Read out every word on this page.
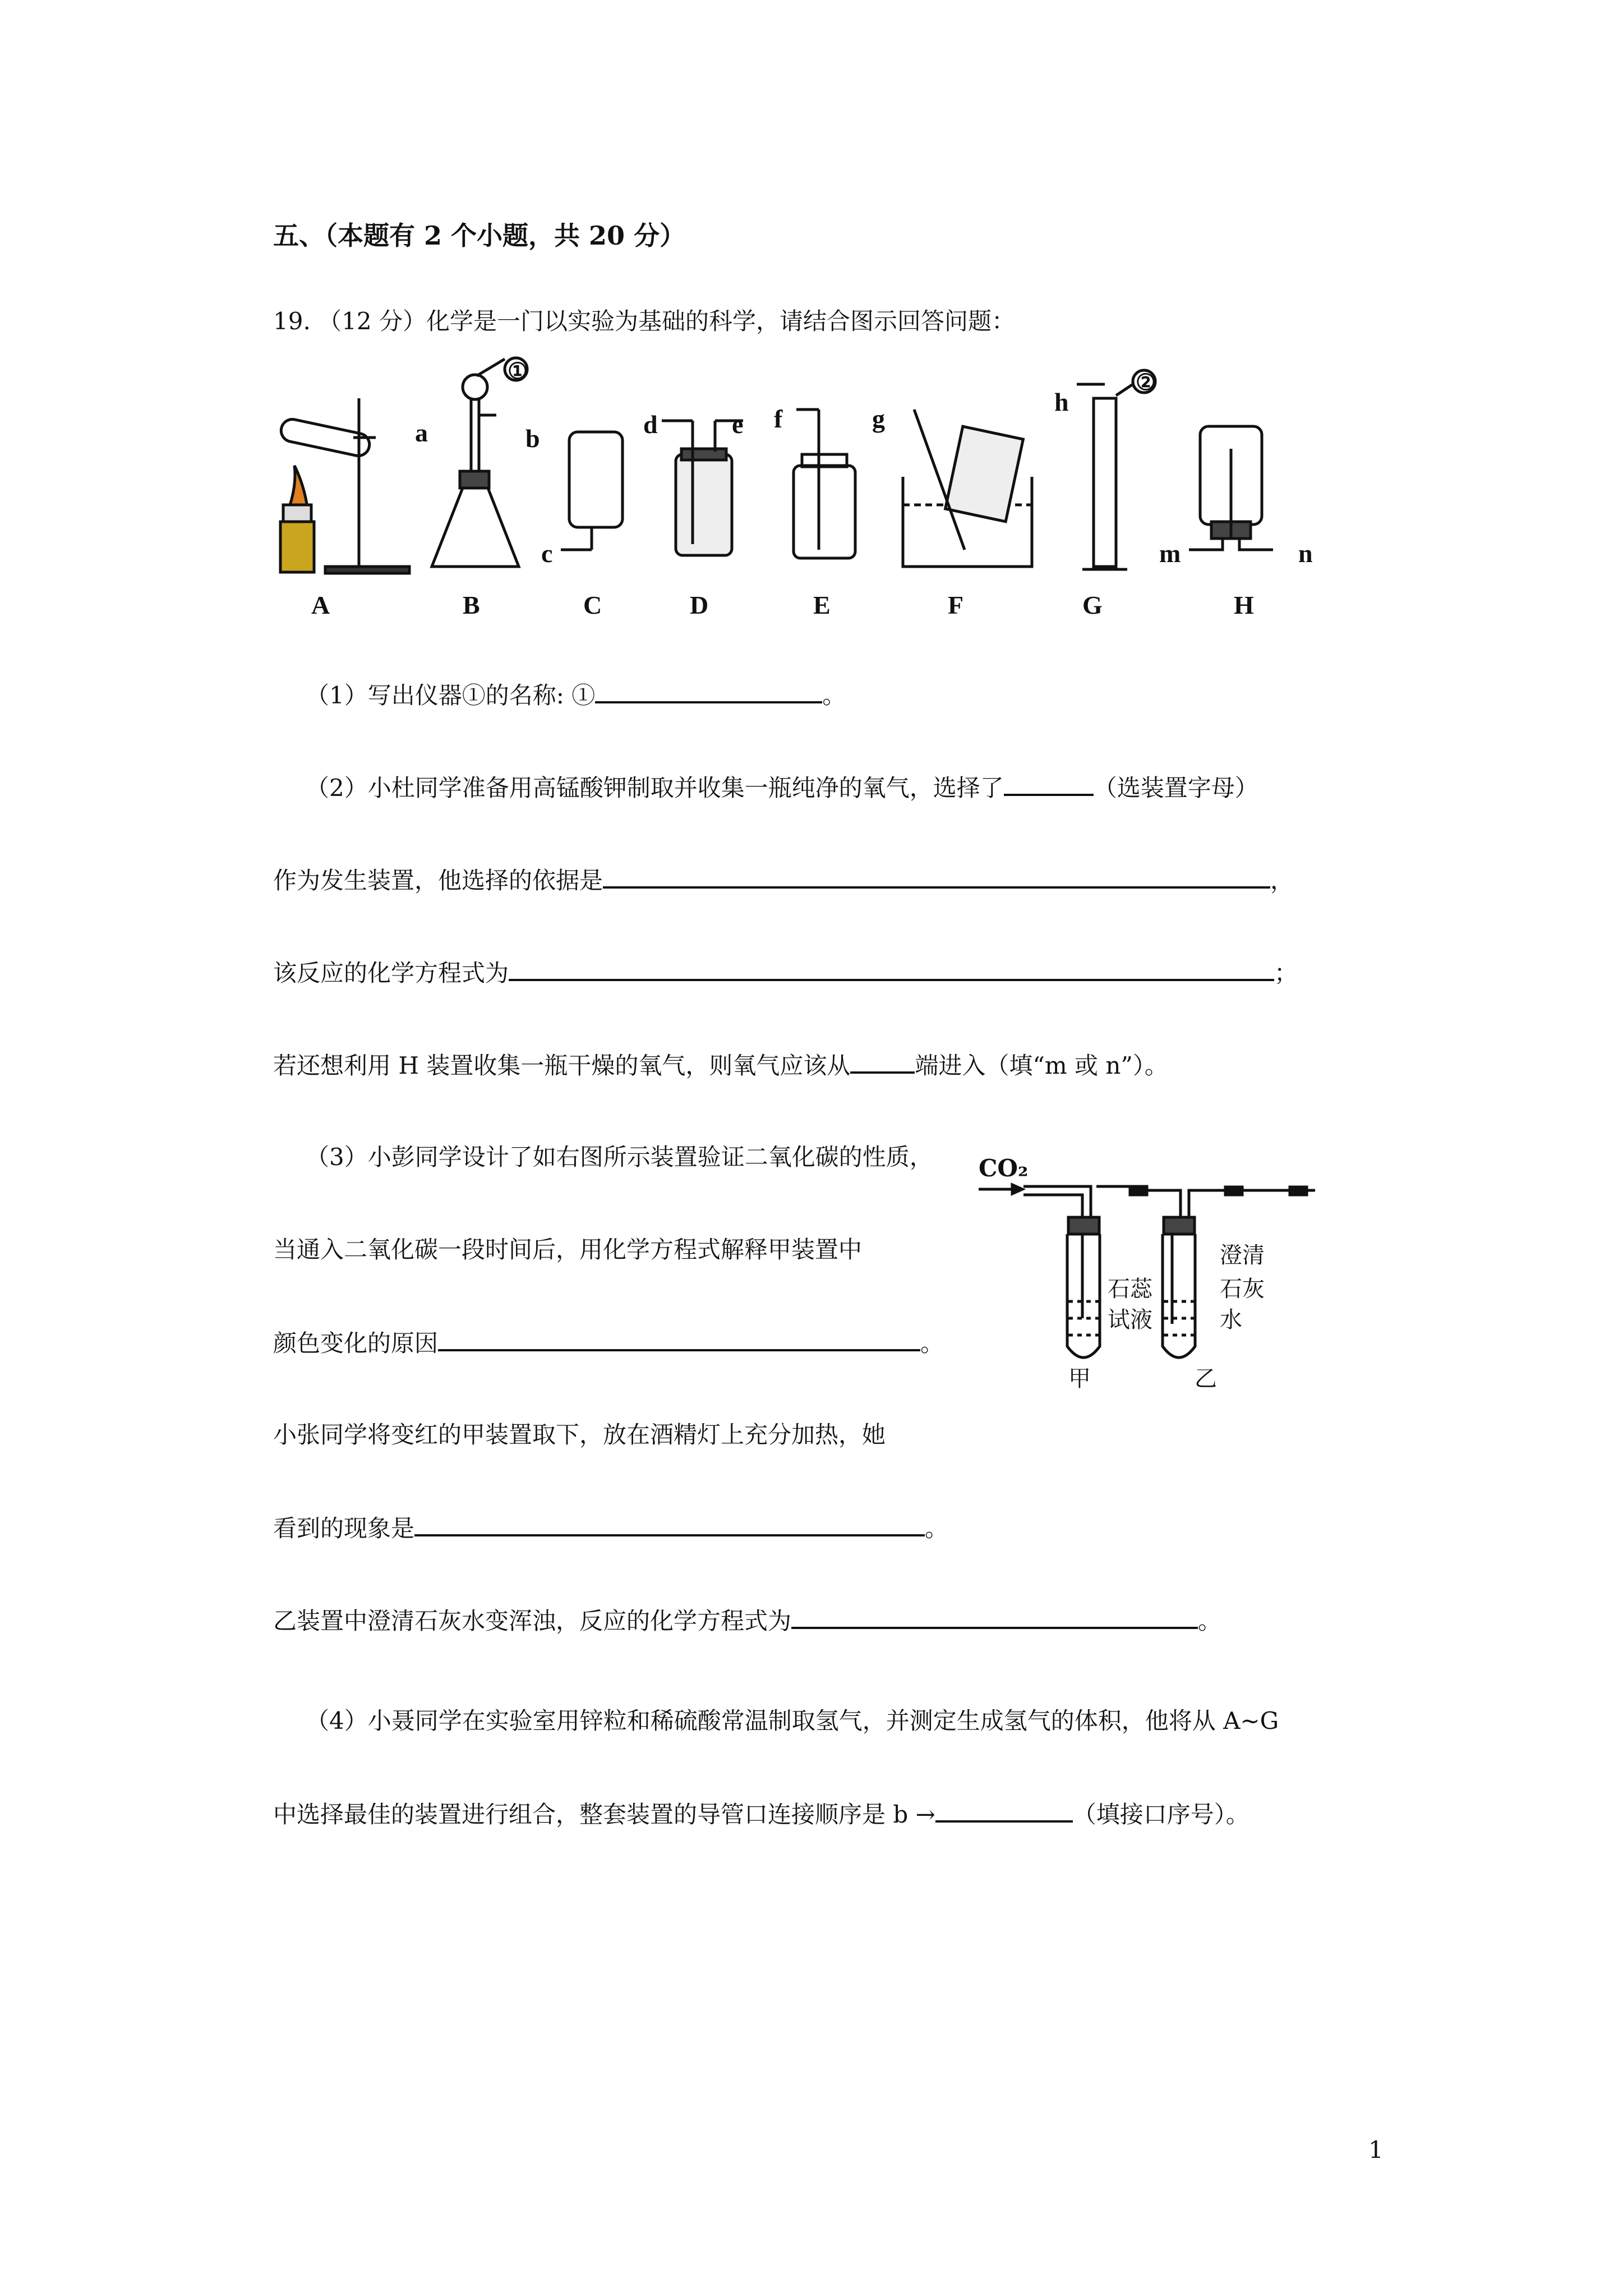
五、（本题有 2 个小题，共 20 分）
19. （12 分）化学是一门以实验为基础的科学，请结合图示回答问题：
a	b
c
d	e f	g
h
m	n
①	②
A	B	C	D	E	F	G	H
（1）写出仪器①的名称: ①	。
（2）小杜同学准备用高锰酸钾制取并收集一瓶纯净的氧气，选择了	（选装置字母）
作为发生装置，他选择的依据是	，
该反应的化学方程式为	；
若还想利用 H 装置收集一瓶干燥的氧气，则氧气应该从	端进入（填“m 或 n”）。
（3）小彭同学设计了如右图所示装置验证二氧化碳的性质，
当通入二氧化碳一段时间后，用化学方程式解释甲装置中
颜色变化的原因	。
小张同学将变红的甲装置取下，放在酒精灯上充分加热，她
看到的现象是	。
乙装置中澄清石灰水变浑浊，反应的化学方程式为	。
CO₂
石蕊
试液
澄清
石灰
水
甲	乙
（4）小聂同学在实验室用锌粒和稀硫酸常温制取氢气，并测定生成氢气的体积，他将从 A~G
中选择最佳的装置进行组合，整套装置的导管口连接顺序是 b →	（填接口序号）。
1
